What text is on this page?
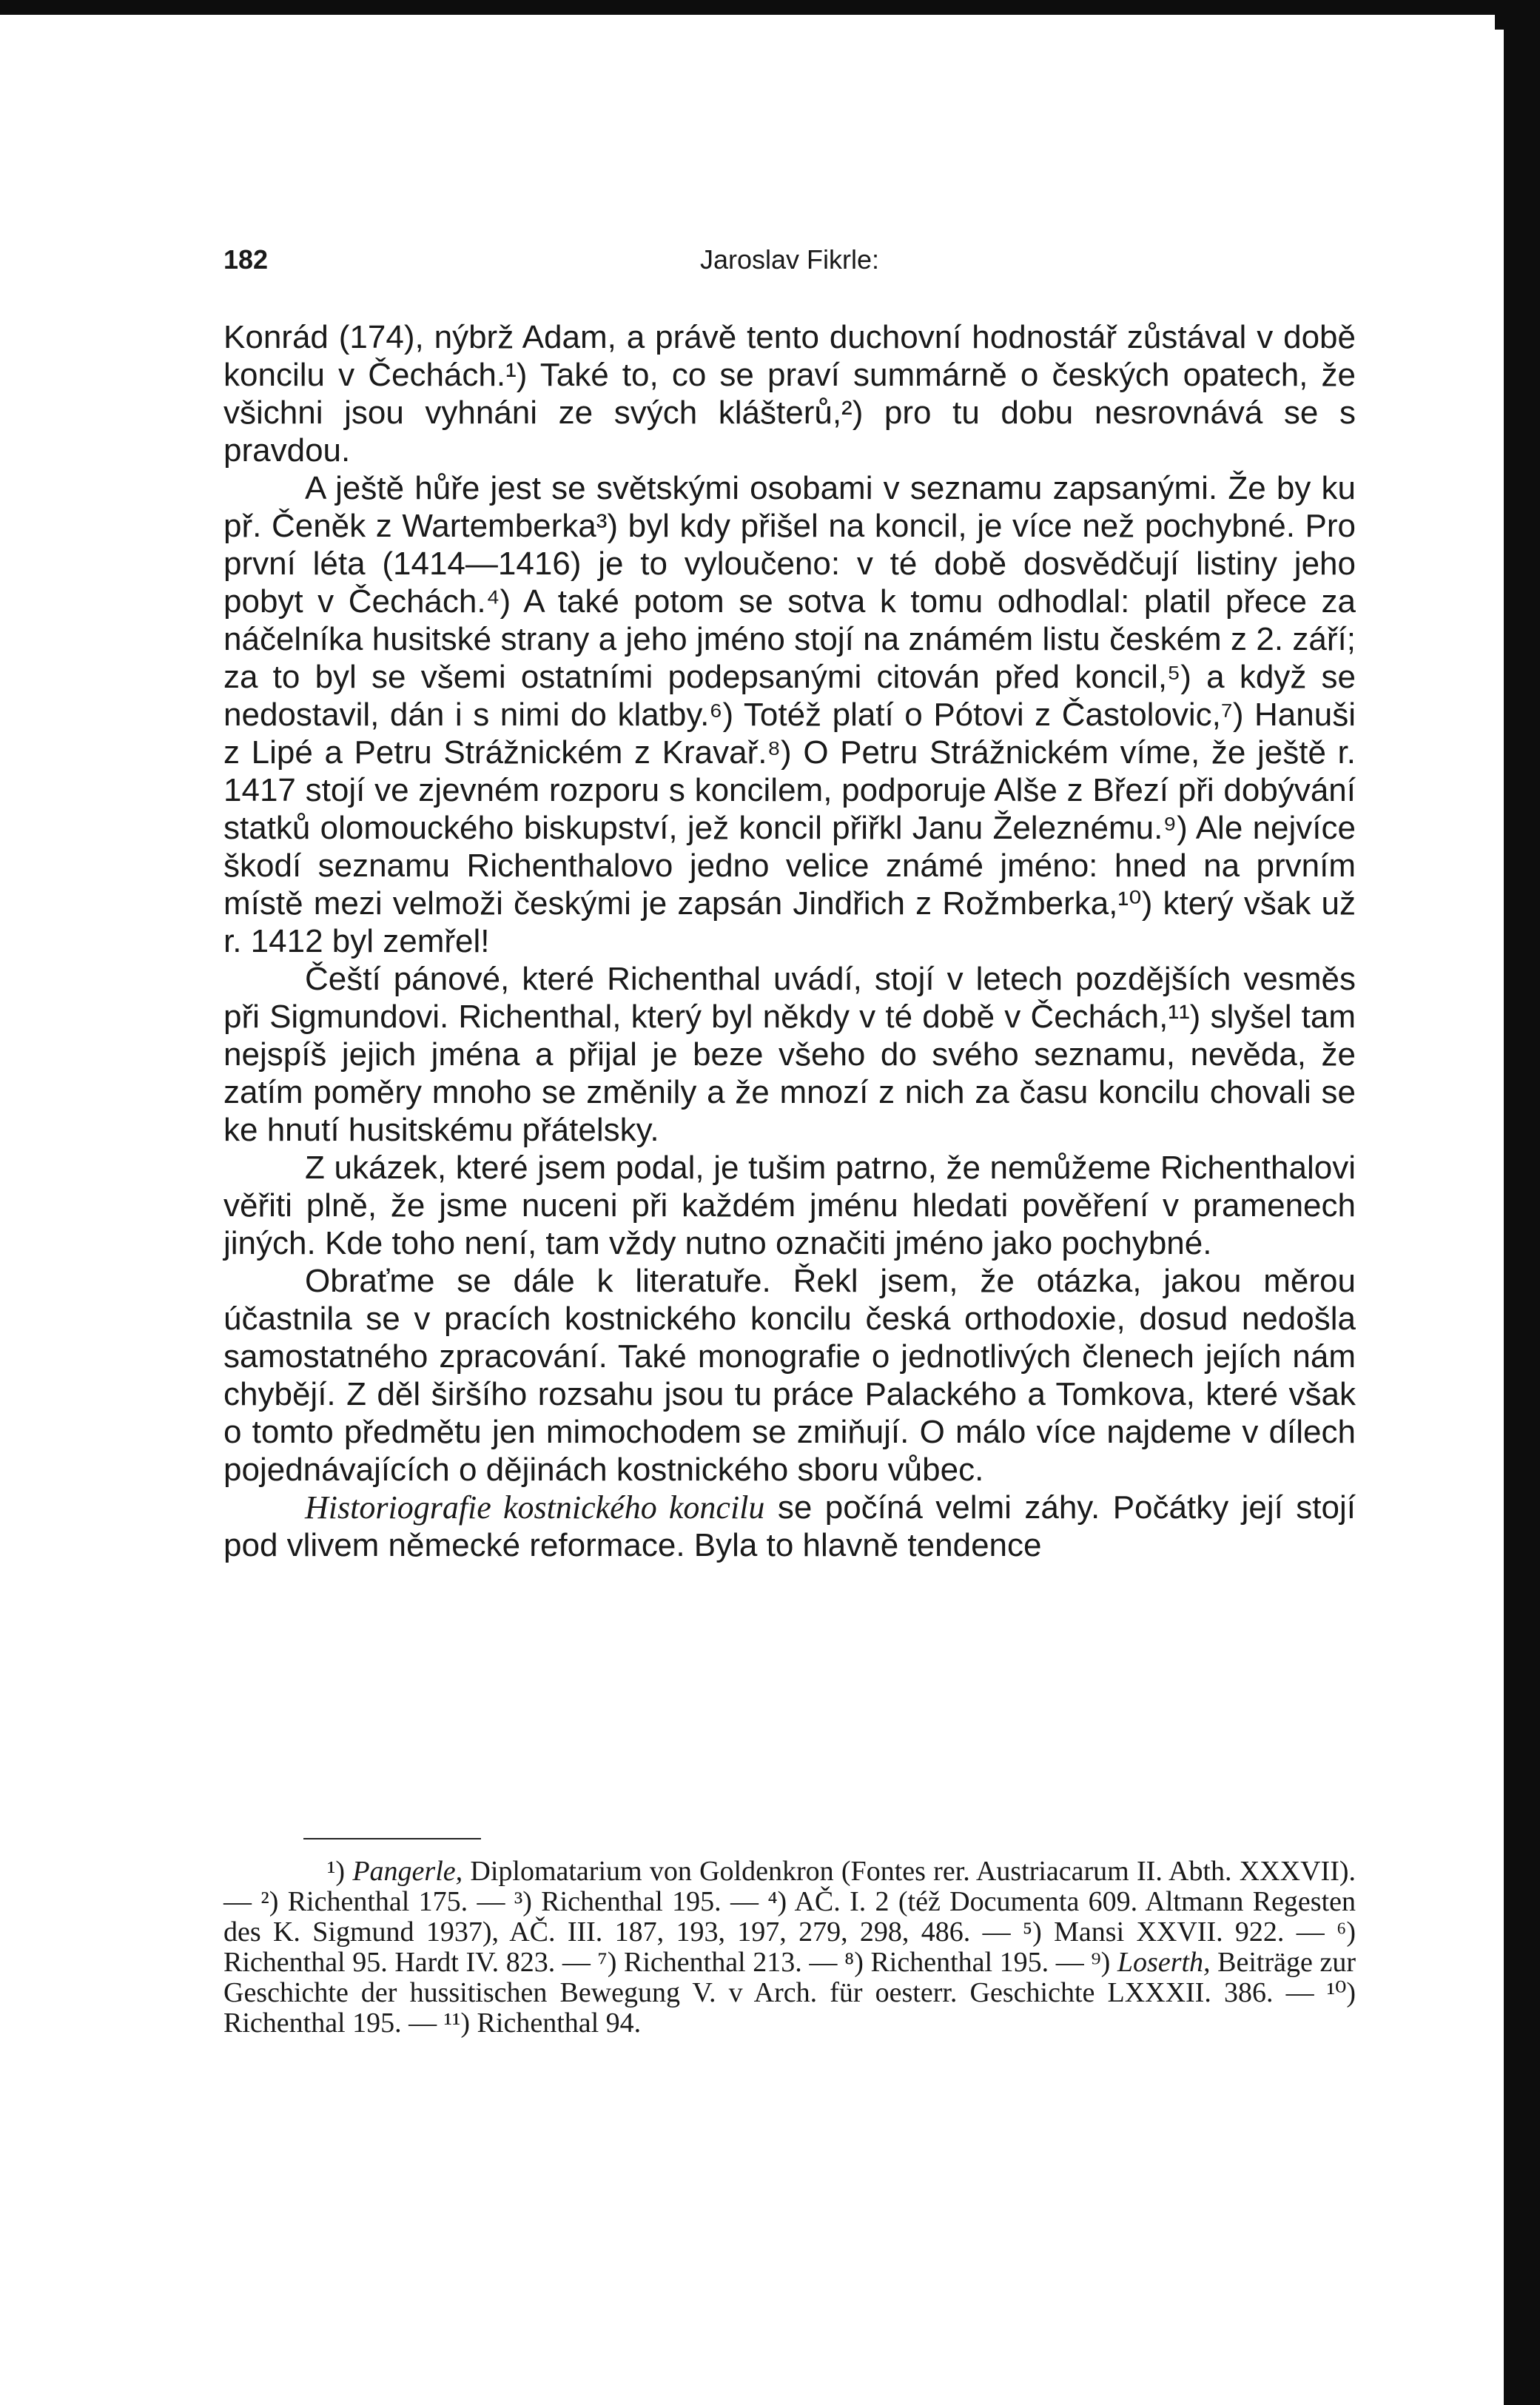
182	Jaroslav Fikrle:

Konrád (174), nýbrž Adam, a právě tento duchovní hodnostář zůstával v době koncilu v Čechách.¹) Také to, co se praví summárně o českých opatech, že všichni jsou vyhnáni ze svých klášterů,²) pro tu dobu nesrovnává se s pravdou.

A ještě hůře jest se světskými osobami v seznamu zapsanými. Že by ku př. Čeněk z Wartemberka³) byl kdy přišel na koncil, je více než pochybné. Pro první léta (1414—1416) je to vyloučeno: v té době dosvědčují listiny jeho pobyt v Čechách.⁴) A také potom se sotva k tomu odhodlal: platil přece za náčelníka husitské strany a jeho jméno stojí na známém listu českém z 2. září; za to byl se všemi ostatními podepsanými citován před koncil,⁵) a když se nedostavil, dán i s nimi do klatby.⁶) Totéž platí o Pótovi z Častolovic,⁷) Hanuši z Lipé a Petru Strážnickém z Kravař.⁸) O Petru Strážnickém víme, že ještě r. 1417 stojí ve zjevném rozporu s koncilem, podporuje Alše z Březí při dobývání statků olomouckého biskupství, jež koncil přiřkl Janu Železnému.⁹) Ale nejvíce škodí seznamu Richenthalovo jedno velice známé jméno: hned na prvním místě mezi velmoži českými je zapsán Jindřich z Rožmberka,¹⁰) který však už r. 1412 byl zemřel!

Čeští pánové, které Richenthal uvádí, stojí v letech pozdějších vesměs při Sigmundovi. Richenthal, který byl někdy v té době v Čechách,¹¹) slyšel tam nejspíš jejich jména a přijal je beze všeho do svého seznamu, nevěda, že zatím poměry mnoho se změnily a že mnozí z nich za času koncilu chovali se ke hnutí husitskému přátelsky.

Z ukázek, které jsem podal, je tušim patrno, že nemůžeme Richenthalovi věřiti plně, že jsme nuceni při každém jménu hledati pověření v pramenech jiných. Kde toho není, tam vždy nutno označiti jméno jako pochybné.

Obraťme se dále k literatuře. Řekl jsem, že otázka, jakou měrou účastnila se v pracích kostnického koncilu česká orthodoxie, dosud nedošla samostatného zpracování. Také monografie o jednotlivých členech jejích nám chybějí. Z děl širšího rozsahu jsou tu práce Palackého a Tomkova, které však o tomto předmětu jen mimochodem se zmiňují. O málo více najdeme v dílech pojednávajících o dějinách kostnického sboru vůbec.

Historiografie kostnického koncilu se počíná velmi záhy. Počátky její stojí pod vlivem německé reformace. Byla to hlavně tendence

¹) Pangerle, Diplomatarium von Goldenkron (Fontes rer. Austriacarum II. Abth. XXXVII). — ²) Richenthal 175. — ³) Richenthal 195. — ⁴) AČ. I. 2 (též Documenta 609. Altmann Regesten des K. Sigmund 1937), AČ. III. 187, 193, 197, 279, 298, 486. — ⁵) Mansi XXVII. 922. — ⁶) Richenthal 95. Hardt IV. 823. — ⁷) Richenthal 213. — ⁸) Richenthal 195. — ⁹) Loserth, Beiträge zur Geschichte der hussitischen Bewegung V. v Arch. für oesterr. Geschichte LXXXII. 386. — ¹⁰) Richenthal 195. — ¹¹) Richenthal 94.
